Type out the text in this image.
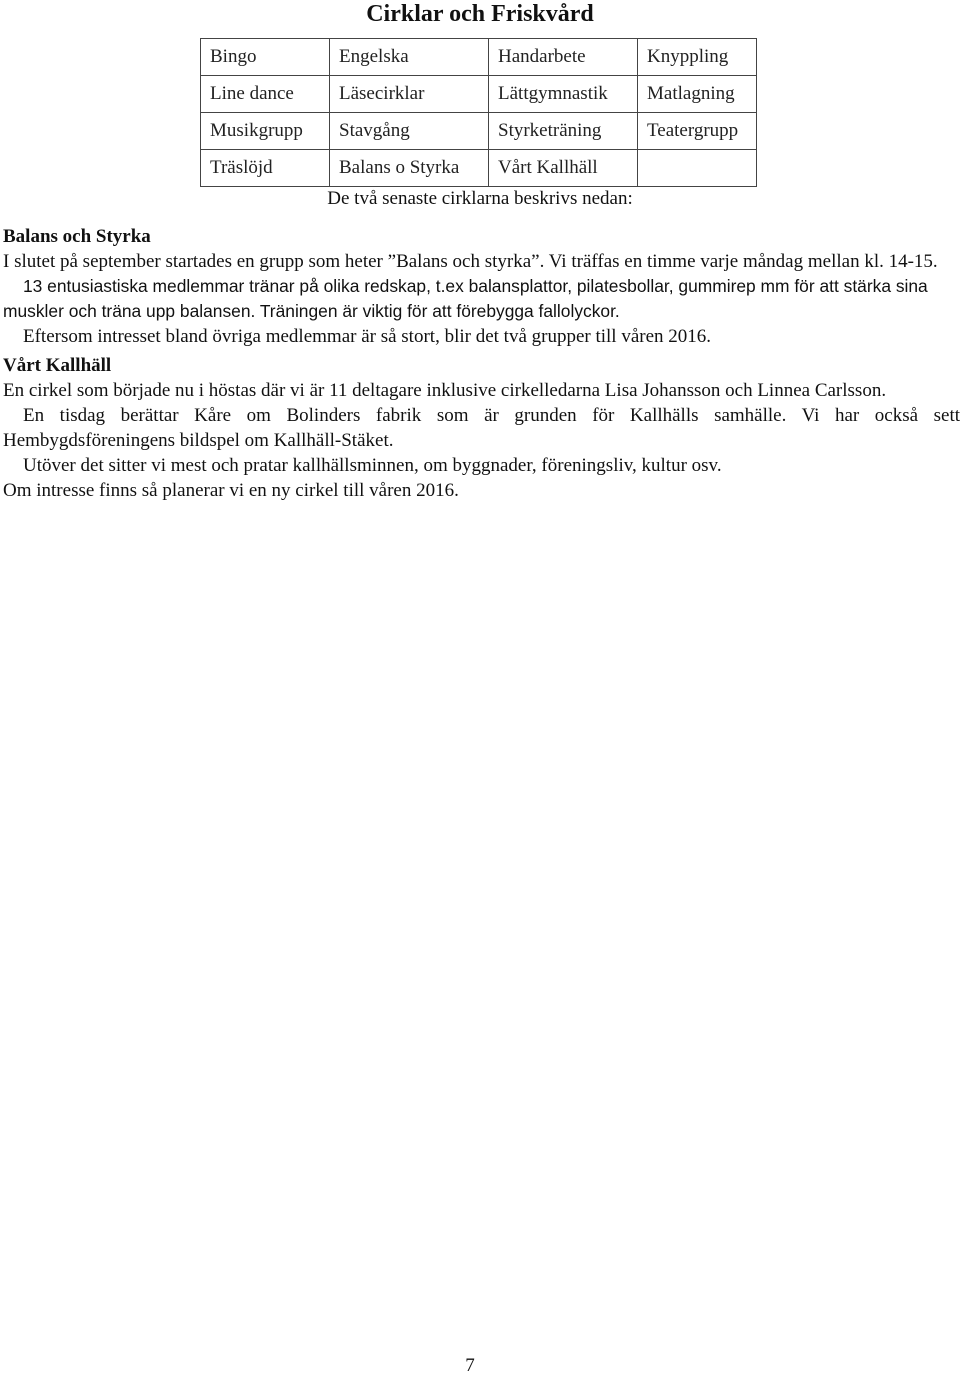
Cirklar och Friskvård
Bingo	Engelska	Handarbete	Knyppling
Line dance	Läsecirklar	Lättgymnastik	Matlagning
Musikgrupp	Stavgång	Styrketräning	Teatergrupp
Träslöjd	Balans o Styrka	Vårt Kallhäll	
De två senaste cirklarna beskrivs nedan:

Balans och Styrka

I slutet på september startades en grupp som heter ”Balans och styrka”. Vi träffas en timme varje måndag mellan kl. 14-15.

13 entusiastiska medlemmar tränar på olika redskap, t.ex balansplattor, pilatesbollar, gummirep mm för att stärka sina muskler och träna upp balansen. Träningen är viktig för att förebygga fallolyckor.

Eftersom intresset bland övriga medlemmar är så stort, blir det två grupper till våren 2016.

Vårt Kallhäll

En cirkel som började nu i höstas där vi är 11 deltagare inklusive cirkelledarna Lisa Johansson och Linnea Carlsson.

En tisdag berättar Kåre om Bolinders fabrik som är grunden för Kallhälls samhälle. Vi har också sett Hembygdsföreningens bildspel om Kallhäll-Stäket.

Utöver det sitter vi mest och pratar kallhällsminnen, om byggnader, föreningsliv, kultur osv.

Om intresse finns så planerar vi en ny cirkel till våren 2016.

7
